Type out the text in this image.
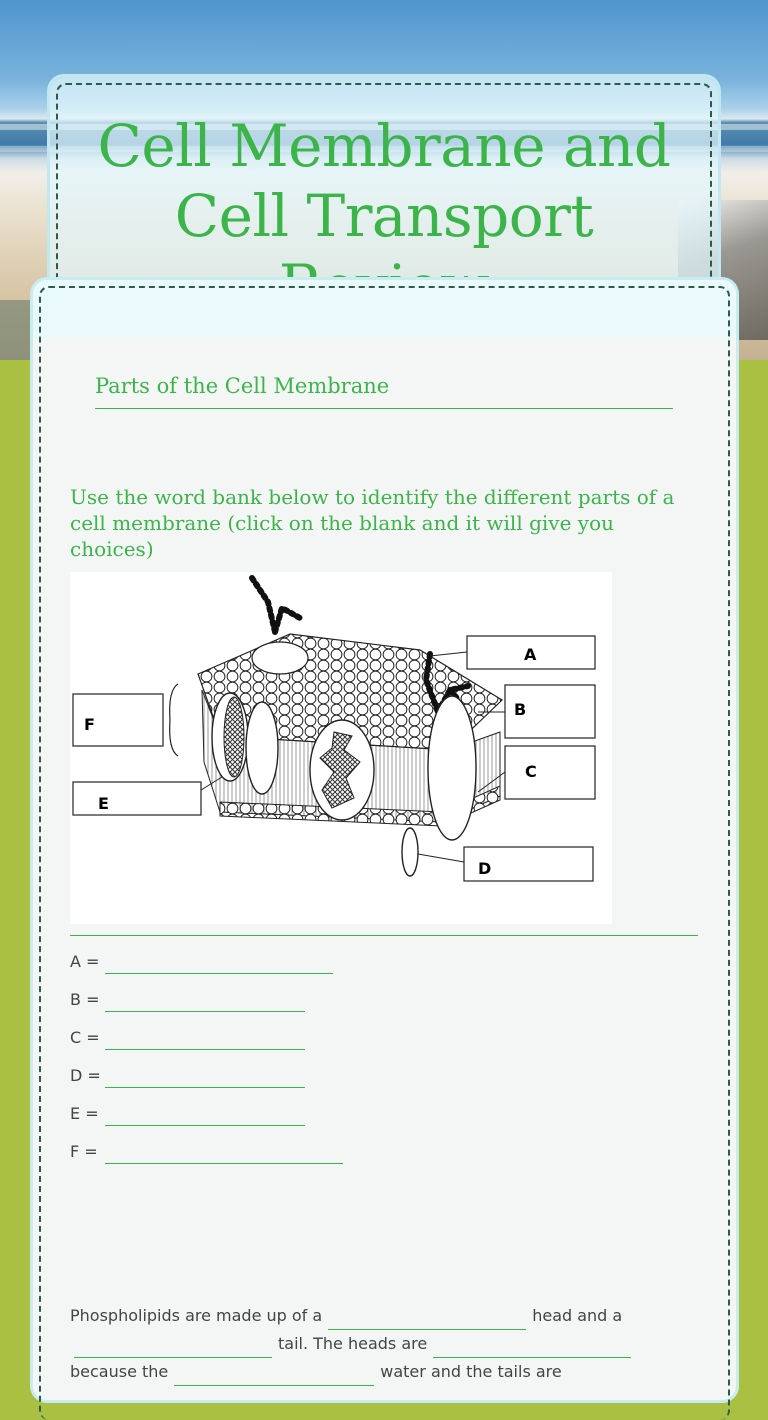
Cell Membrane and Cell Transport
Parts of the Cell Membrane
Use the word bank below to identify the different parts of a cell membrane (click on the blank and it will give you choices)
A
B
C
D
E
F
A =
B =
C =
D =
E =
F =
Phospholipids are made up of a	head and a tail. The heads are because the	water and the tails are
